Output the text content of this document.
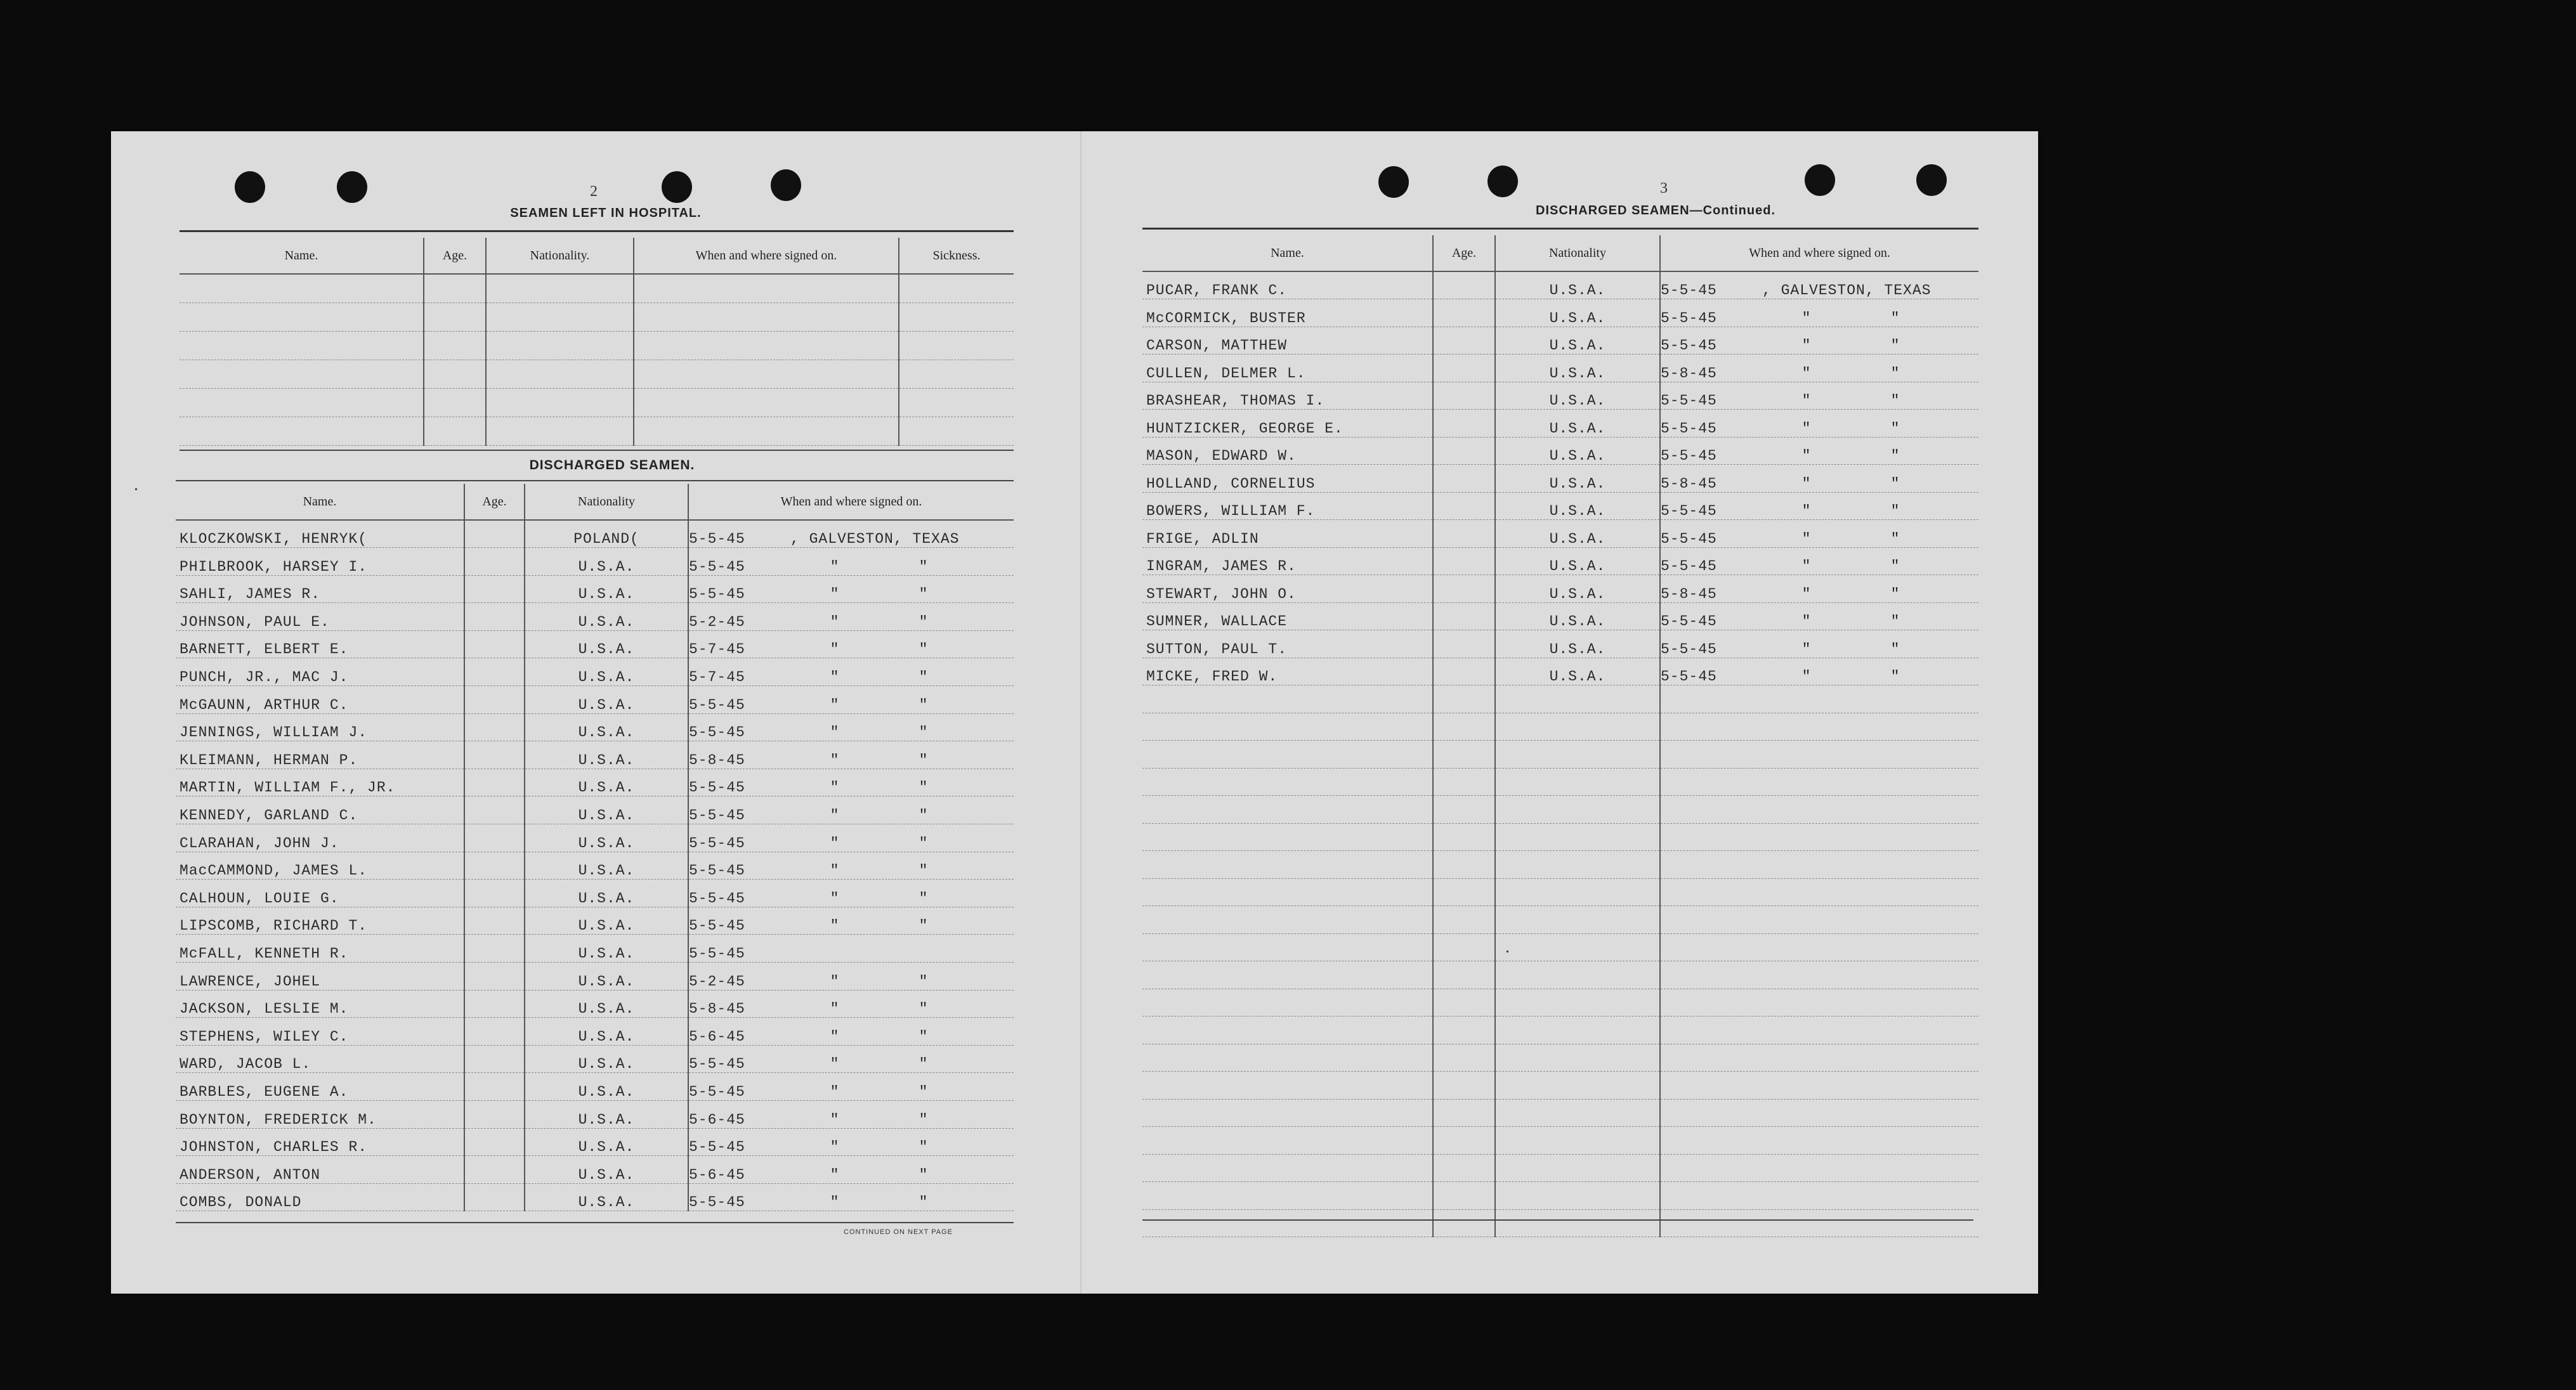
2
SEAMEN LEFT IN HOSPITAL.
Name.	Age.	Nationality.	When and where signed on.	Sickness.

DISCHARGED SEAMEN.
Name.	Age.	Nationality	When and where signed on.
KLOCZKOWSKI, HENRYK(		POLAND(	5-5-45 , GALVESTON, TEXAS
PHILBROOK, HARSEY I.		U.S.A.	5-5-45 " "
SAHLI, JAMES R.		U.S.A.	5-5-45 " "
JOHNSON, PAUL E.		U.S.A.	5-2-45 " "
BARNETT, ELBERT E.		U.S.A.	5-7-45 " "
PUNCH, JR., MAC J.		U.S.A.	5-7-45 " "
McGAUNN, ARTHUR C.		U.S.A.	5-5-45 " "
JENNINGS, WILLIAM J.		U.S.A.	5-5-45 " "
KLEIMANN, HERMAN P.		U.S.A.	5-8-45 " "
MARTIN, WILLIAM F., JR.		U.S.A.	5-5-45 " "
KENNEDY, GARLAND C.		U.S.A.	5-5-45 " "
CLARAHAN, JOHN J.		U.S.A.	5-5-45 " "
MacCAMMOND, JAMES L.		U.S.A.	5-5-45 " "
CALHOUN, LOUIE G.		U.S.A.	5-5-45 " "
LIPSCOMB, RICHARD T.		U.S.A.	5-5-45 " "
McFALL, KENNETH R.		U.S.A.	5-5-45
LAWRENCE, JOHEL		U.S.A.	5-2-45 " "
JACKSON, LESLIE M.		U.S.A.	5-8-45 " "
STEPHENS, WILEY C.		U.S.A.	5-6-45 " "
WARD, JACOB L.		U.S.A.	5-5-45 " "
BARBLES, EUGENE A.		U.S.A.	5-5-45 " "
BOYNTON, FREDERICK M.		U.S.A.	5-6-45 " "
JOHNSTON, CHARLES R.		U.S.A.	5-5-45 " "
ANDERSON, ANTON		U.S.A.	5-6-45 " "
COMBS, DONALD		U.S.A.	5-5-45 " "
CONTINUED ON NEXT PAGE
3
DISCHARGED SEAMEN—Continued.
Name.	Age.	Nationality	When and where signed on.
PUCAR, FRANK C.		U.S.A.	5-5-45 , GALVESTON, TEXAS
McCORMICK, BUSTER		U.S.A.	5-5-45 " "
CARSON, MATTHEW		U.S.A.	5-5-45 " "
CULLEN, DELMER L.		U.S.A.	5-8-45 " "
BRASHEAR, THOMAS I.		U.S.A.	5-5-45 " "
HUNTZICKER, GEORGE E.		U.S.A.	5-5-45 " "
MASON, EDWARD W.		U.S.A.	5-5-45 " "
HOLLAND, CORNELIUS		U.S.A.	5-8-45 " "
BOWERS, WILLIAM F.		U.S.A.	5-5-45 " "
FRIGE, ADLIN		U.S.A.	5-5-45 " "
INGRAM, JAMES R.		U.S.A.	5-5-45 " "
STEWART, JOHN O.		U.S.A.	5-8-45 " "
SUMNER, WALLACE		U.S.A.	5-5-45 " "
SUTTON, PAUL T.		U.S.A.	5-5-45 " "
MICKE, FRED W.		U.S.A.	5-5-45 " "
